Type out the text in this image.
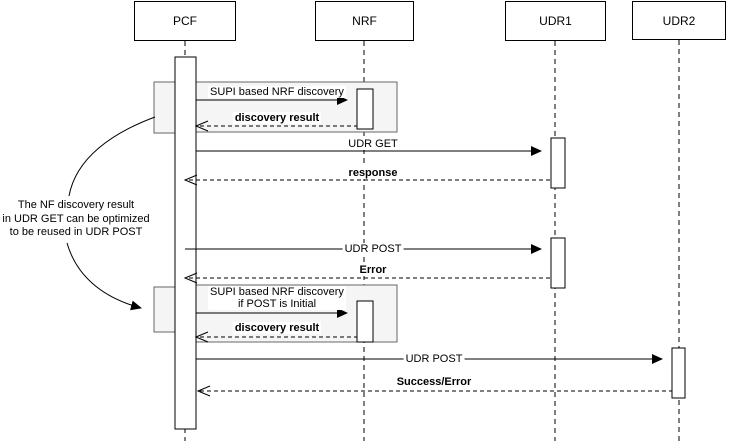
PCF	NRF	UDR1	UDR2
SUPI based NRF discovery
discovery result
UDR GET
response
UDR POST
Error
SUPI based NRF discovery
if POST is Initial
discovery result
UDR POST
Success/Error
The NF discovery result
in UDR GET can be optimized
to be reused in UDR POST
